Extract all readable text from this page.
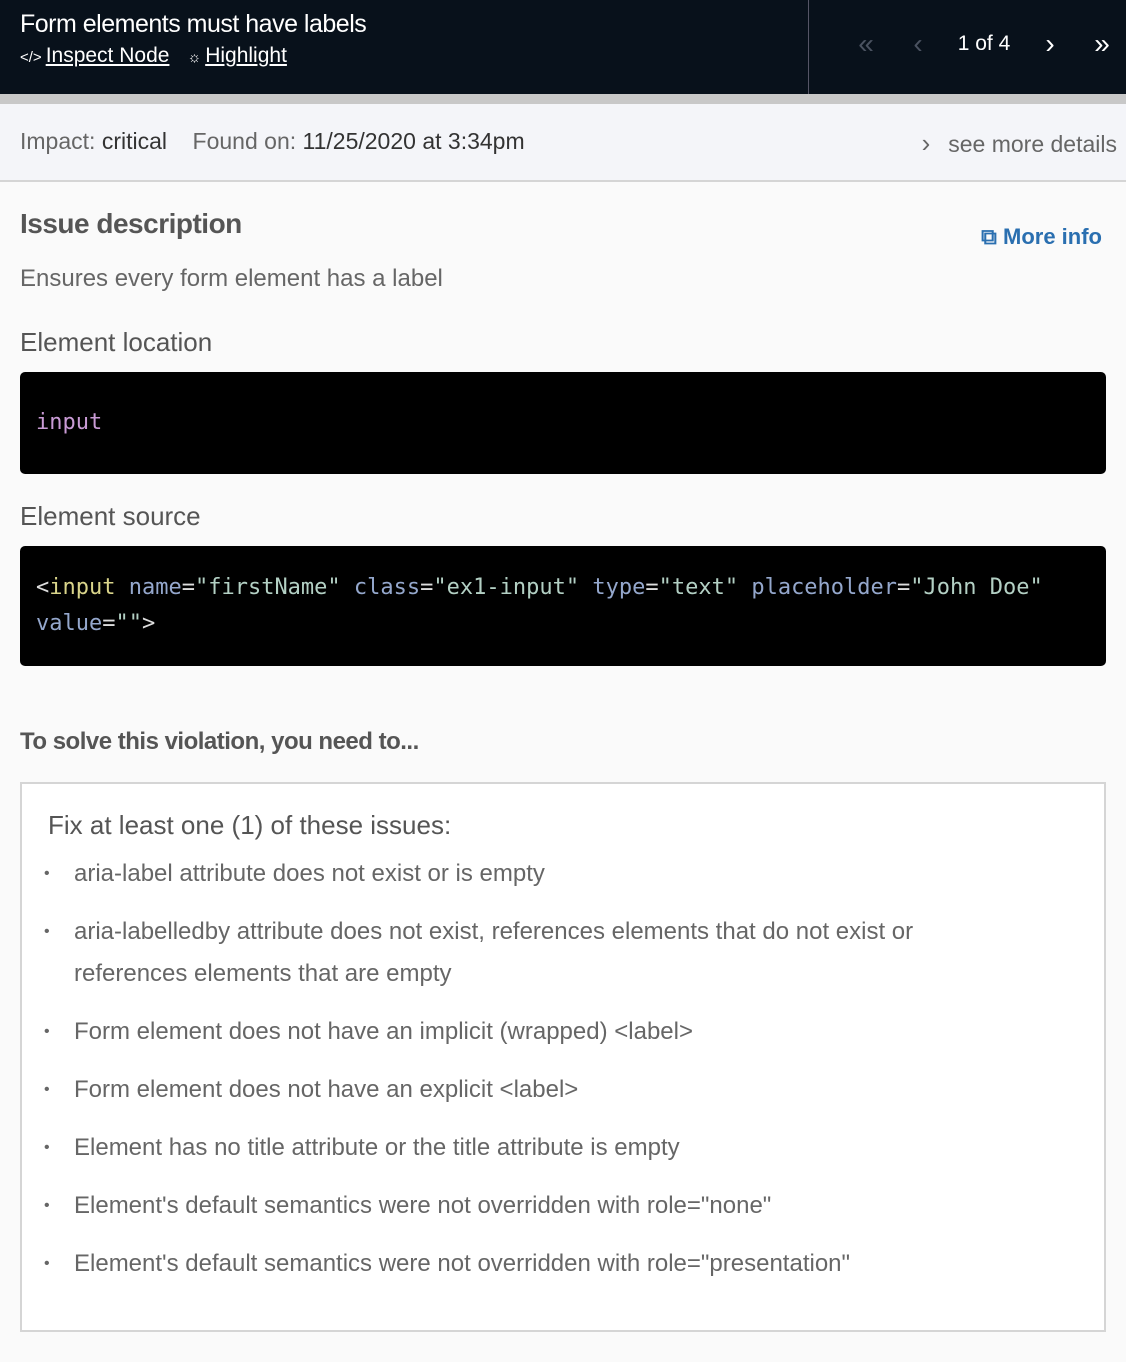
Form elements must have labels
</> Inspect Node ☼ Highlight	«	‹	1 of 4	›	»
Impact: critical Found on: 11/25/2020 at 3:34pm	› see more details
Issue description	⧉ More info
Ensures every form element has a label
Element location
input
Element source
<input name="firstName" class="ex1-input" type="text" placeholder="John Doe" value="">
To solve this violation, you need to...
Fix at least one (1) of these issues:
• aria-label attribute does not exist or is empty
• aria-labelledby attribute does not exist, references elements that do not exist or references elements that are empty
• Form element does not have an implicit (wrapped) <label>
• Form element does not have an explicit <label>
• Element has no title attribute or the title attribute is empty
• Element's default semantics were not overridden with role="none"
• Element's default semantics were not overridden with role="presentation"
